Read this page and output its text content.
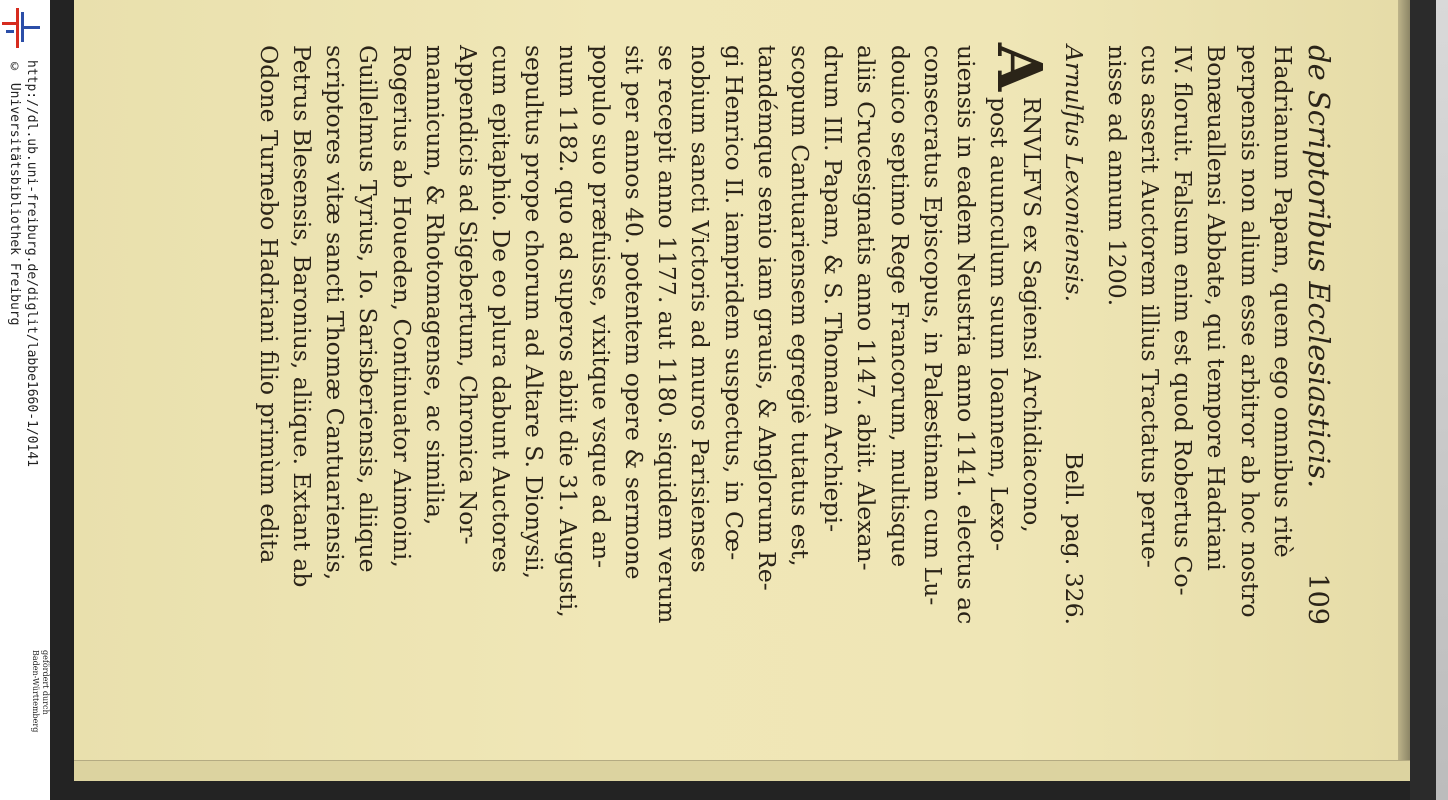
http://dl.ub.uni-freiburg.de/diglit/labbe1660-1/0141
© Universitätsbibliothek Freiburg
gefördert durch
Baden-Württemberg
de Scriptoribus Ecclesiasticis.
109

Hadrianum Papam, quem ego omnibus ritè

perpensis non alium esse arbitror ab hoc nostro

Bonæuallensi Abbate, qui tempore Hadriani

IV. floruit. Falsum enim est quod Robertus Co-

cus asserit Auctorem illius Tractatus perue-

nisse ad annum 1200.

Arnulfus Lexoniensis.
Bell. pag. 326.
A

RNVLFVS ex Sagiensi Archidiacono,

post auunculum suum Ioannem, Lexo-

uiensis in eadem Neustria anno 1141. electus ac

consecratus Episcopus, in Palæstinam cum Lu-

douico septimo Rege Francorum, multisque

aliis Crucesignatis anno 1147. abiit. Alexan-

drum III. Papam, & S. Thomam Archiepi-

scopum Cantuariensem egregiè tutatus est,

tandémque senio iam grauis, & Anglorum Re-

gi Henrico II. iampridem suspectus, in Cœ-

nobium sancti Victoris ad muros Parisienses

se recepit anno 1177. aut 1180. siquidem verum

sit per annos 40. potentem opere & sermone

populo suo præfuisse, vixitque vsque ad an-

num 1182. quo ad superos abiit die 31. Augusti,

sepultus prope chorum ad Altare S. Dionysii,

cum epitaphio. De eo plura dabunt Auctores

Appendicis ad Sigebertum, Chronica Nor-

mannicum, & Rhotomagense, ac similia,

Rogerius ab Houeden, Continuator Aimoini,

Guillelmus Tyrius, Io. Sarisberiensis, aliique

scriptores vitæ sancti Thomæ Cantuariensis,

Petrus Blesensis, Baronius, aliique. Extant ab

Odone Turnebo Hadriani filio primùm edita
